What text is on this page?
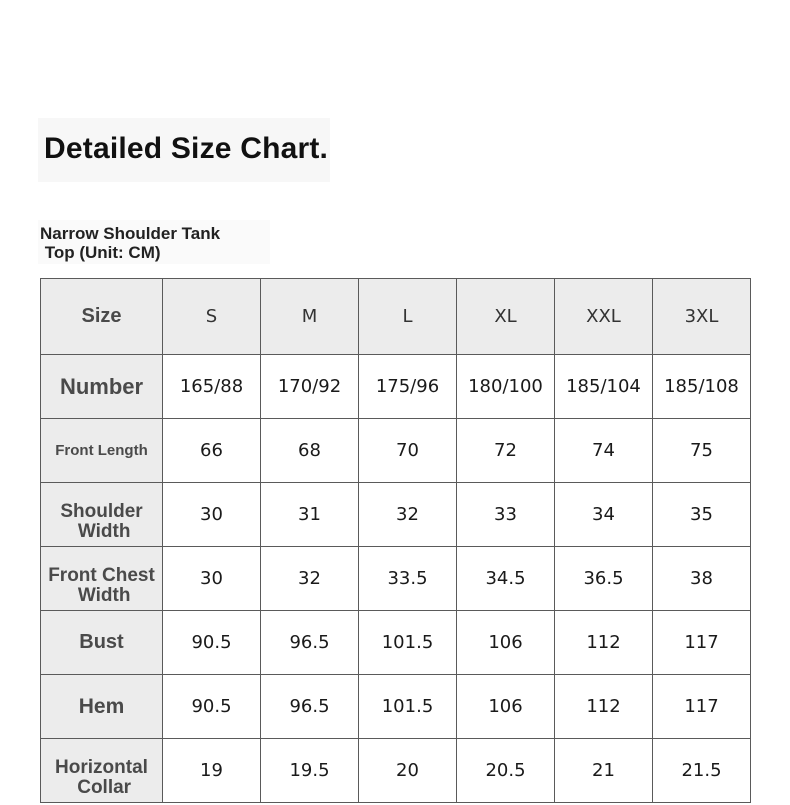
Detailed Size Chart.
Narrow Shoulder Tank
Top (Unit: CM)
Size	S	M	L	XL	XXL	3XL
Number	165/88	170/92	175/96	180/100	185/104	185/108
Front Length	66	68	70	72	74	75
Shoulder
Width	30	31	32	33	34	35
Front Chest
Width	30	32	33.5	34.5	36.5	38
Bust	90.5	96.5	101.5	106	112	117
Hem	90.5	96.5	101.5	106	112	117
Horizontal
Collar	19	19.5	20	20.5	21	21.5
